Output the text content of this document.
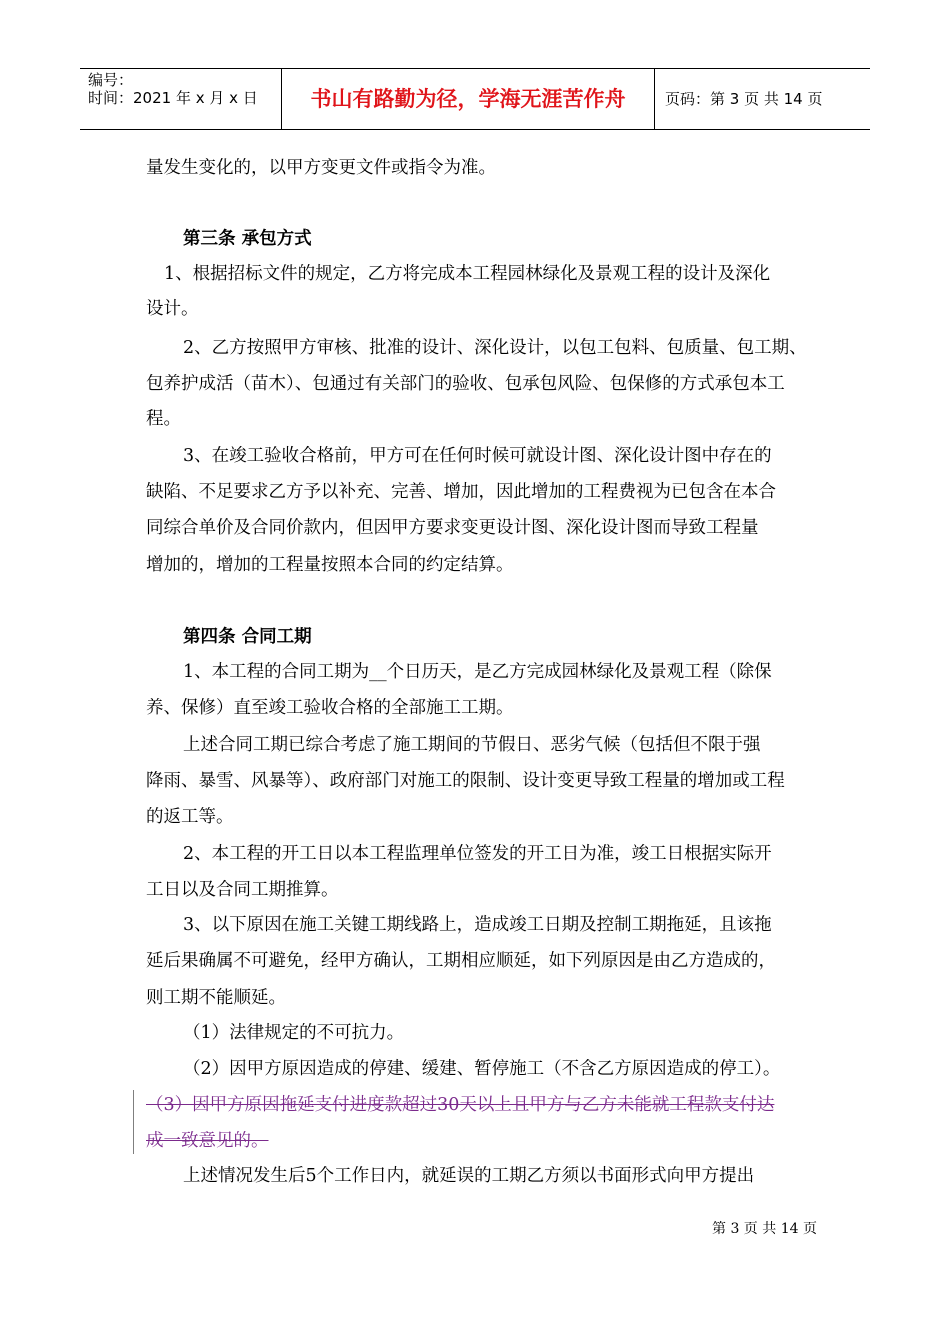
编号：
时间：2021 年 x 月 x 日	书山有路勤为径，学海无涯苦作舟	页码：第 3 页 共 14 页
量发生变化的，以甲方变更文件或指令为准。
第三条 承包方式
1、根据招标文件的规定，乙方将完成本工程园林绿化及景观工程的设计及深化
设计。
2、乙方按照甲方审核、批准的设计、深化设计，以包工包料、包质量、包工期、
包养护成活（苗木）、包通过有关部门的验收、包承包风险、包保修的方式承包本工
程。
3、在竣工验收合格前，甲方可在任何时候可就设计图、深化设计图中存在的
缺陷、不足要求乙方予以补充、完善、增加，因此增加的工程费视为已包含在本合
同综合单价及合同价款内，但因甲方要求变更设计图、深化设计图而导致工程量
增加的，增加的工程量按照本合同的约定结算。
第四条 合同工期
1、本工程的合同工期为__个日历天，是乙方完成园林绿化及景观工程（除保
养、保修）直至竣工验收合格的全部施工工期。
上述合同工期已综合考虑了施工期间的节假日、恶劣气候（包括但不限于强
降雨、暴雪、风暴等）、政府部门对施工的限制、设计变更导致工程量的增加或工程
的返工等。
2、本工程的开工日以本工程监理单位签发的开工日为准，竣工日根据实际开
工日以及合同工期推算。
3、以下原因在施工关键工期线路上，造成竣工日期及控制工期拖延，且该拖
延后果确属不可避免，经甲方确认，工期相应顺延，如下列原因是由乙方造成的，
则工期不能顺延。
（1）法律规定的不可抗力。
（2）因甲方原因造成的停建、缓建、暂停施工（不含乙方原因造成的停工）。
（3）因甲方原因拖延支付进度款超过30天以上且甲方与乙方未能就工程款支付达
成一致意见的。
上述情况发生后5个工作日内，就延误的工期乙方须以书面形式向甲方提出
第 3 页 共 14 页
